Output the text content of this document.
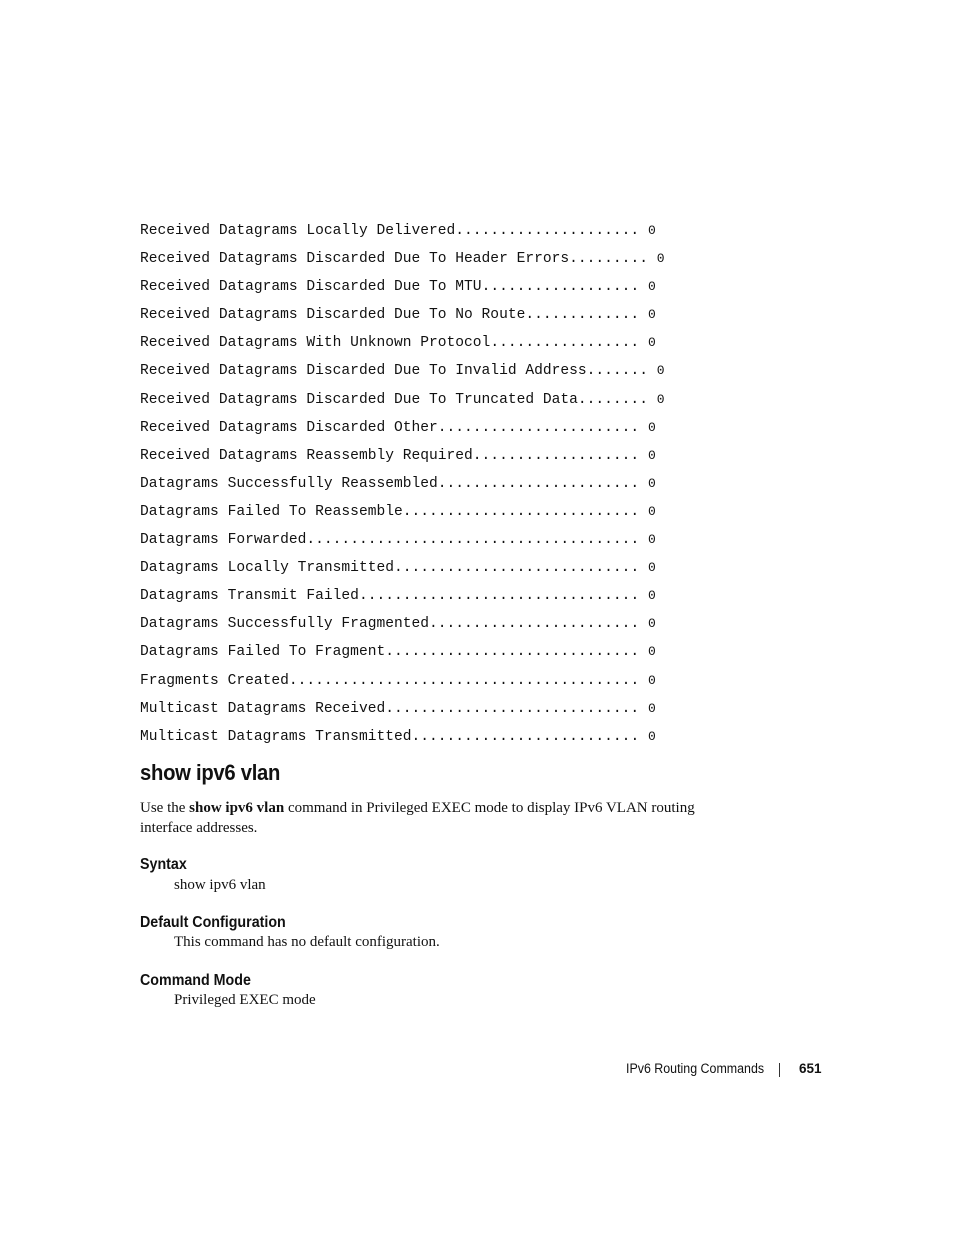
Received Datagrams Locally Delivered..................... 0
Received Datagrams Discarded Due To Header Errors......... 0
Received Datagrams Discarded Due To MTU.................. 0
Received Datagrams Discarded Due To No Route............. 0
Received Datagrams With Unknown Protocol................. 0
Received Datagrams Discarded Due To Invalid Address....... 0
Received Datagrams Discarded Due To Truncated Data........ 0
Received Datagrams Discarded Other....................... 0
Received Datagrams Reassembly Required................... 0
Datagrams Successfully Reassembled....................... 0
Datagrams Failed To Reassemble........................... 0
Datagrams Forwarded...................................... 0
Datagrams Locally Transmitted............................ 0
Datagrams Transmit Failed................................ 0
Datagrams Successfully Fragmented........................ 0
Datagrams Failed To Fragment............................. 0
Fragments Created........................................ 0
Multicast Datagrams Received............................. 0
Multicast Datagrams Transmitted.......................... 0
show ipv6 vlan

Use the show ipv6 vlan command in Privileged EXEC mode to display IPv6 VLAN routing interface addresses.

Syntax

show ipv6 vlan

Default Configuration

This command has no default configuration.

Command Mode

Privileged EXEC mode

IPv6 Routing Commands	651
